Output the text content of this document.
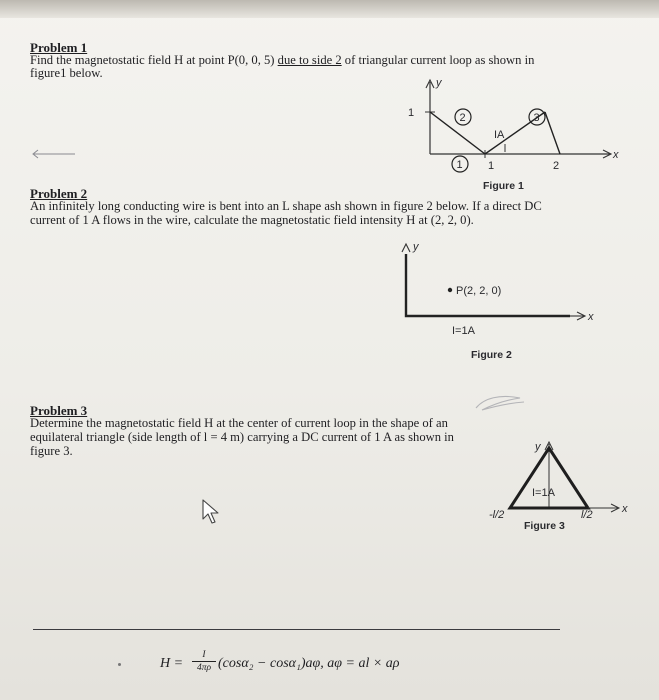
Problem 1
Find the magnetostatic field H at point P(0, 0, 5) due to side 2 of triangular current loop as shown in
figure1 below.
y
1
x
1	2
IA
2	3
1
Figure 1
Problem 2
An infinitely long conducting wire is bent into an L shape ash shown in figure 2 below. If a direct DC
current of 1 A flows in the wire, calculate the magnetostatic field intensity H at (2, 2, 0).
y
x
P(2, 2, 0)
I=1A
Figure 2
Problem 3
Determine the magnetostatic field H at the center of current loop in the shape of an
equilateral triangle (side length of l = 4 m) carrying a DC current of 1 A as shown in
figure 3.	y
x
I=1A
-l/2	l/2
Figure 3
$H = \frac{I}{4\pi\rho} (\cos\alpha_2 - \cos\alpha_1)a\varphi$, aφ = al × aρ
